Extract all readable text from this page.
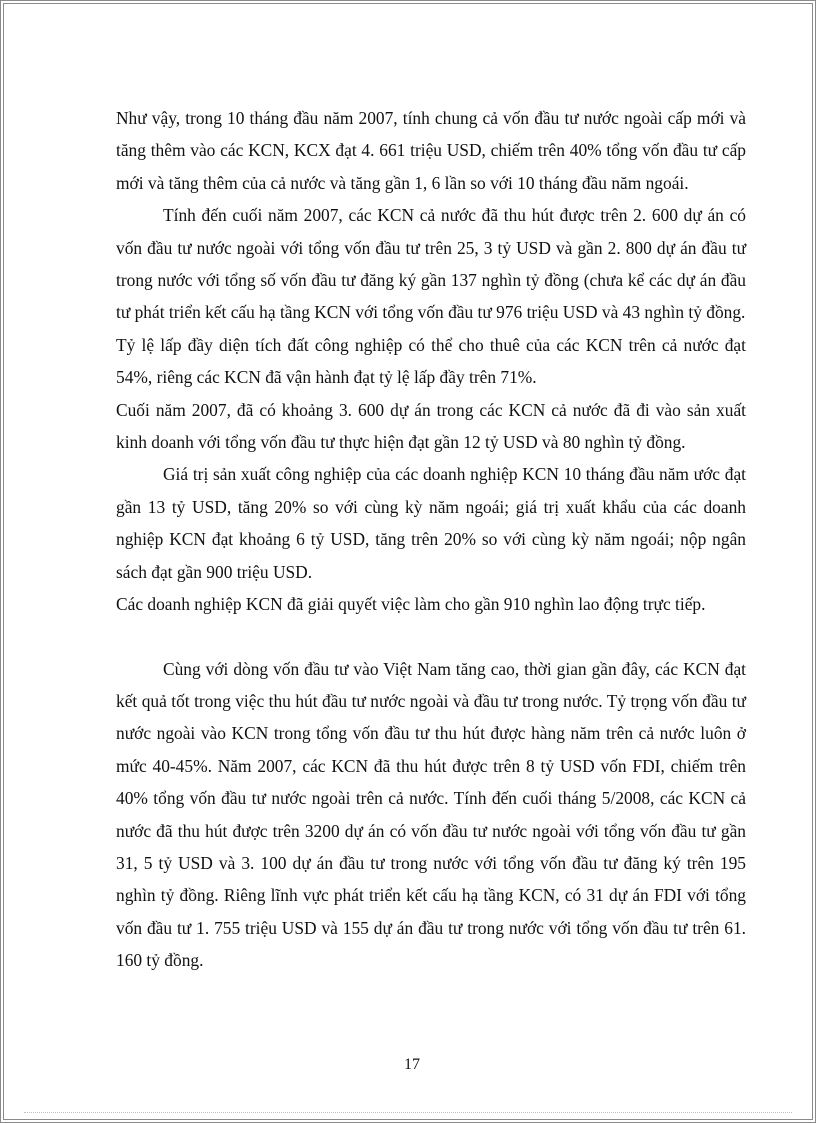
Như vậy, trong 10 tháng đầu năm 2007, tính chung cả vốn đầu tư nước ngoài cấp mới và tăng thêm vào các KCN, KCX đạt 4. 661 triệu USD, chiếm trên 40% tổng vốn đầu tư cấp mới và tăng thêm của cả nước và tăng gần 1, 6 lần so với 10 tháng đầu năm ngoái.

Tính đến cuối năm 2007, các KCN cả nước đã thu hút được trên 2. 600 dự án có vốn đầu tư nước ngoài với tổng vốn đầu tư trên 25, 3 tỷ USD và gần 2. 800 dự án đầu tư trong nước với tổng số vốn đầu tư đăng ký gần 137 nghìn tỷ đồng (chưa kể các dự án đầu tư phát triển kết cấu hạ tầng KCN với tổng vốn đầu tư 976 triệu USD và 43 nghìn tỷ đồng.

Tỷ lệ lấp đầy diện tích đất công nghiệp có thể cho thuê của các KCN trên cả nước đạt 54%, riêng các KCN đã vận hành đạt tỷ lệ lấp đầy trên 71%.

Cuối năm 2007, đã có khoảng 3. 600 dự án trong các KCN cả nước đã đi vào sản xuất kinh doanh với tổng vốn đầu tư thực hiện đạt gần 12 tỷ USD và 80 nghìn tỷ đồng.

Giá trị sản xuất công nghiệp của các doanh nghiệp KCN 10 tháng đầu năm ước đạt gần 13 tỷ USD, tăng 20% so với cùng kỳ năm ngoái; giá trị xuất khẩu của các doanh nghiệp KCN đạt khoảng 6 tỷ USD, tăng trên 20% so với cùng kỳ năm ngoái; nộp ngân sách đạt gần 900 triệu USD.

Các doanh nghiệp KCN đã giải quyết việc làm cho gần 910 nghìn lao động trực tiếp.

Cùng với dòng vốn đầu tư vào Việt Nam tăng cao, thời gian gần đây, các KCN đạt kết quả tốt trong việc thu hút đầu tư nước ngoài và đầu tư trong nước. Tỷ trọng vốn đầu tư nước ngoài vào KCN trong tổng vốn đầu tư thu hút được hàng năm trên cả nước luôn ở mức 40-45%. Năm 2007, các KCN đã thu hút được trên 8 tỷ USD vốn FDI, chiếm trên 40% tổng vốn đầu tư nước ngoài trên cả nước. Tính đến cuối tháng 5/2008, các KCN cả nước đã thu hút được trên 3200 dự án có vốn đầu tư nước ngoài với tổng vốn đầu tư gần 31, 5 tỷ USD và 3. 100 dự án đầu tư trong nước với tổng vốn đầu tư đăng ký trên 195 nghìn tỷ đồng. Riêng lĩnh vực phát triển kết cấu hạ tầng KCN, có 31 dự án FDI với tổng vốn đầu tư 1. 755 triệu USD và 155 dự án đầu tư trong nước với tổng vốn đầu tư trên 61. 160 tỷ đồng.

17
